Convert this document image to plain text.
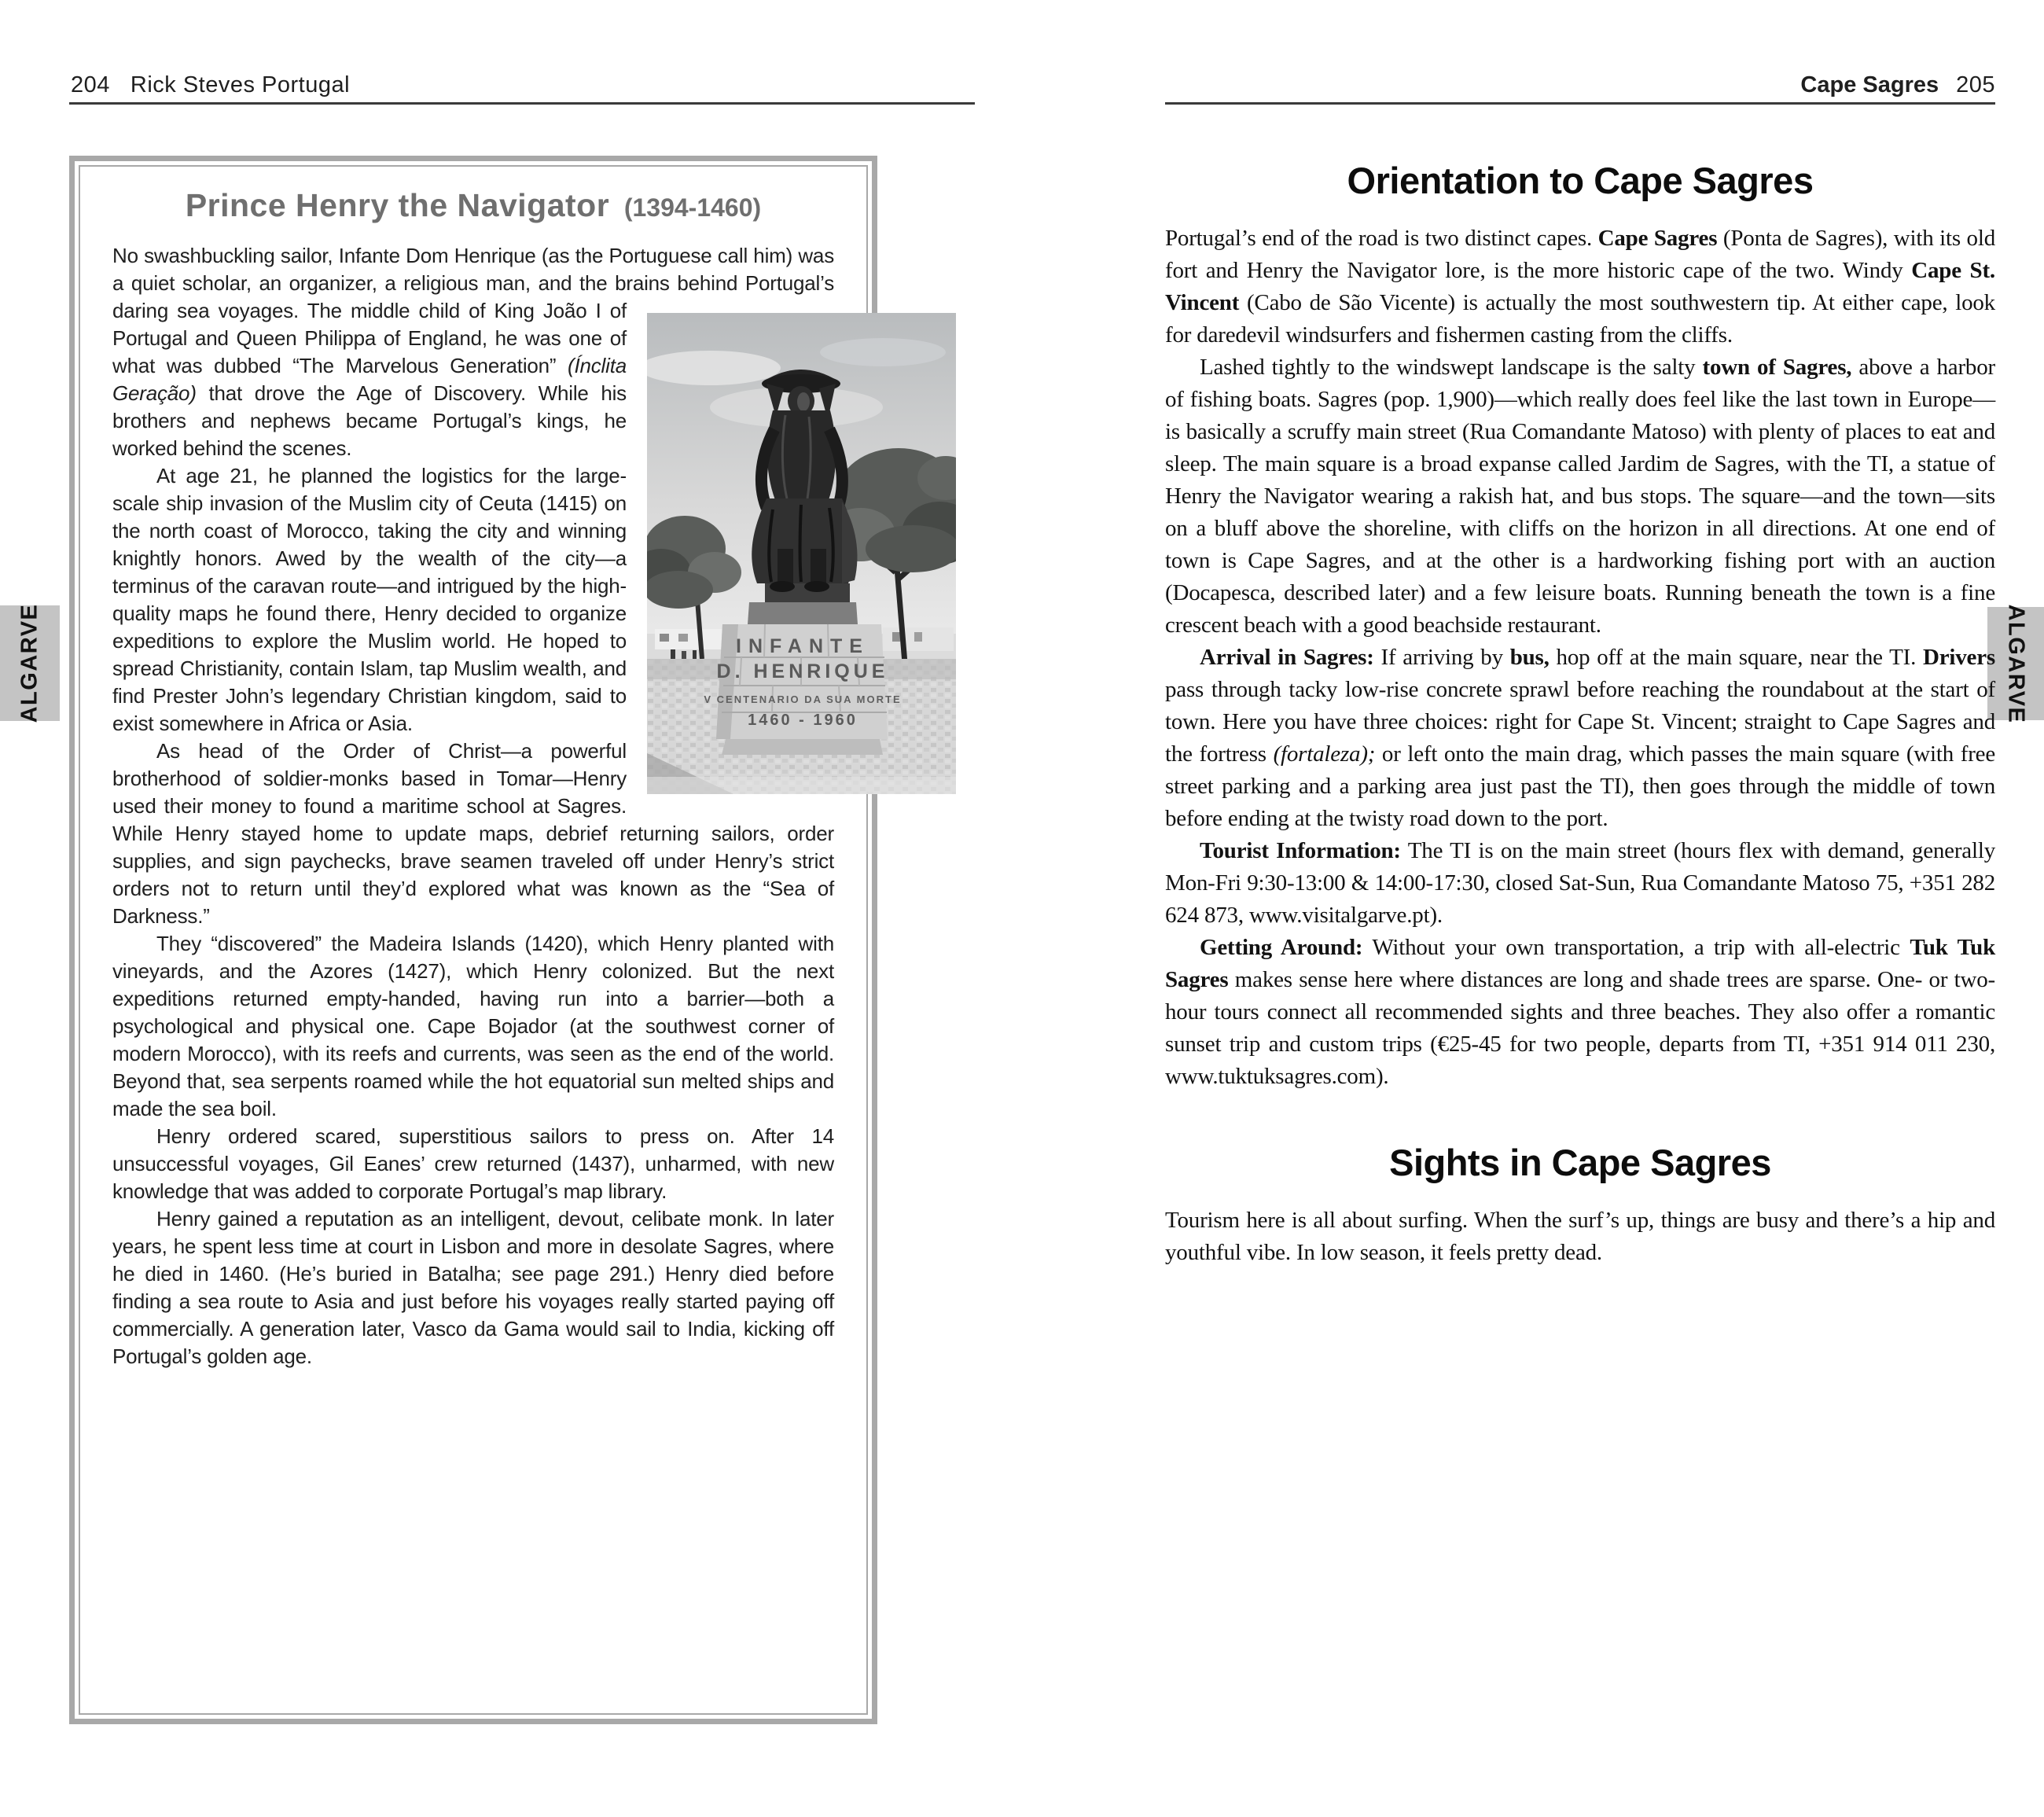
204 Rick Steves Portugal	Cape Sagres 205
ALGARVE	ALGARVE
Prince Henry the Navigator (1394-1460)
INFANTE
D. HENRIQUE
V CENTENARIO DA SUA MORTE
1460 - 1960

No swashbuckling sailor, Infante Dom Henrique (as the Portuguese call him) was a quiet scholar, an organizer, a religious man, and the brains behind Portugal’s daring sea voyages. The middle child of King João I of Portugal and Queen Philippa of England, he was one of what was dubbed “The Marvelous Generation” (Ínclita Geração) that drove the Age of Discovery. While his brothers and nephews became Portugal’s kings, he worked behind the scenes.

At age 21, he planned the logistics for the large-scale ship invasion of the Muslim city of Ceuta (1415) on the north coast of Morocco, taking the city and winning knightly honors. Awed by the wealth of the city—a terminus of the caravan route—and intrigued by the high-quality maps he found there, Henry decided to organize expeditions to explore the Muslim world. He hoped to spread Christianity, contain Islam, tap Muslim wealth, and find Prester John’s legendary Christian kingdom, said to exist somewhere in Africa or Asia.

As head of the Order of Christ—a powerful brotherhood of soldier-monks based in Tomar—Henry used their money to found a maritime school at Sagres. While Henry stayed home to update maps, debrief returning sailors, order supplies, and sign paychecks, brave seamen traveled off under Henry’s strict orders not to return until they’d explored what was known as the “Sea of Darkness.”

They “discovered” the Madeira Islands (1420), which Henry planted with vineyards, and the Azores (1427), which Henry colonized. But the next expeditions returned empty-handed, having run into a barrier—both a psychological and physical one. Cape Bojador (at the southwest corner of modern Morocco), with its reefs and currents, was seen as the end of the world. Beyond that, sea serpents roamed while the hot equatorial sun melted ships and made the sea boil.

Henry ordered scared, superstitious sailors to press on. After 14 unsuccessful voyages, Gil Eanes’ crew returned (1437), unharmed, with new knowledge that was added to corporate Portugal’s map library.

Henry gained a reputation as an intelligent, devout, celibate monk. In later years, he spent less time at court in Lisbon and more in desolate Sagres, where he died in 1460. (He’s buried in Batalha; see page 291.) Henry died before finding a sea route to Asia and just before his voyages really started paying off commercially. A generation later, Vasco da Gama would sail to India, kicking off Portugal’s golden age.

Orientation to Cape Sagres

Portugal’s end of the road is two distinct capes. Cape Sagres (Ponta de Sagres), with its old fort and Henry the Navigator lore, is the more historic cape of the two. Windy Cape St. Vincent (Cabo de São Vicente) is actually the most southwestern tip. At either cape, look for daredevil windsurfers and fishermen casting from the cliffs.

Lashed tightly to the windswept landscape is the salty town of Sagres, above a harbor of fishing boats. Sagres (pop. 1,900)—which really does feel like the last town in Europe—is basically a scruffy main street (Rua Comandante Matoso) with plenty of places to eat and sleep. The main square is a broad expanse called Jardim de Sagres, with the TI, a statue of Henry the Navigator wearing a rakish hat, and bus stops. The square—and the town—sits on a bluff above the shoreline, with cliffs on the horizon in all directions. At one end of town is Cape Sagres, and at the other is a hardworking fishing port with an auction (Docapesca, described later) and a few leisure boats. Running beneath the town is a fine crescent beach with a good beachside restaurant.

Arrival in Sagres: If arriving by bus, hop off at the main square, near the TI. Drivers pass through tacky low-rise concrete sprawl before reaching the roundabout at the start of town. Here you have three choices: right for Cape St. Vincent; straight to Cape Sagres and the fortress (fortaleza); or left onto the main drag, which passes the main square (with free street parking and a parking area just past the TI), then goes through the middle of town before ending at the twisty road down to the port.

Tourist Information: The TI is on the main street (hours flex with demand, generally Mon-Fri 9:30-13:00 & 14:00-17:30, closed Sat-Sun, Rua Comandante Matoso 75, +351 282 624 873, www.visitalgarve.pt).

Getting Around: Without your own transportation, a trip with all-electric Tuk Tuk Sagres makes sense here where distances are long and shade trees are sparse. One- or two-hour tours connect all recommended sights and three beaches. They also offer a romantic sunset trip and custom trips (€25-45 for two people, departs from TI, +351 914 011 230, www.tuktuksagres.com).

Sights in Cape Sagres

Tourism here is all about surfing. When the surf’s up, things are busy and there’s a hip and youthful vibe. In low season, it feels pretty dead.
